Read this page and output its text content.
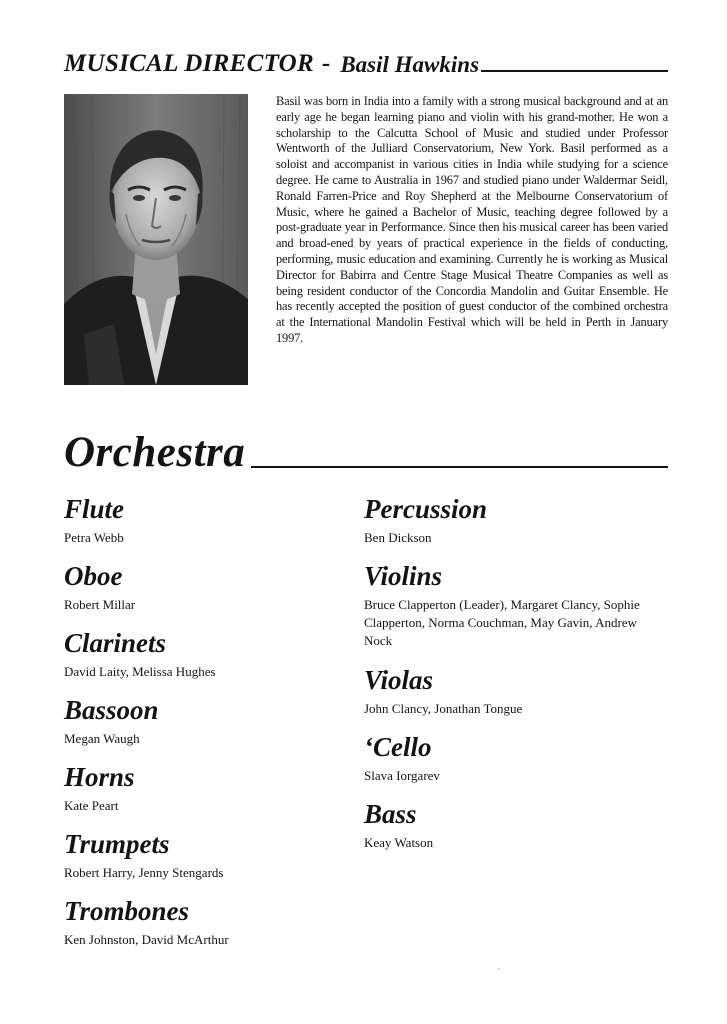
MUSICAL DIRECTOR - Basil Hawkins
Basil was born in India into a family with a strong musical background and at an early age he began learning piano and violin with his grand-mother. He won a scholarship to the Calcutta School of Music and studied under Professor Wentworth of the Julliard Conservatorium, New York. Basil performed as a soloist and accompanist in various cities in India while studying for a science degree. He came to Australia in 1967 and studied piano under Waldermar Seidl, Ronald Farren-Price and Roy Shepherd at the Melbourne Conservatorium of Music, where he gained a Bachelor of Music, teaching degree followed by a post-graduate year in Performance. Since then his musical career has been varied and broad-ened by years of practical experience in the fields of conducting, performing, music education and examining. Currently he is working as Musical Director for Babirra and Centre Stage Musical Theatre Companies as well as being resident conductor of the Concordia Mandolin and Guitar Ensemble. He has recently accepted the position of guest conductor of the combined orchestra at the International Mandolin Festival which will be held in Perth in January 1997.
Orchestra
Flute
Petra Webb
Oboe
Robert Millar
Clarinets
David Laity, Melissa Hughes
Bassoon
Megan Waugh
Horns
Kate Peart
Trumpets
Robert Harry, Jenny Stengards
Trombones
Ken Johnston, David McArthur
Percussion
Ben Dickson
Violins
Bruce Clapperton (Leader), Margaret Clancy, Sophie Clapperton, Norma Couchman, May Gavin, Andrew Nock
Violas
John Clancy, Jonathan Tongue
‘Cello
Slava Iorgarev
Bass
Keay Watson
